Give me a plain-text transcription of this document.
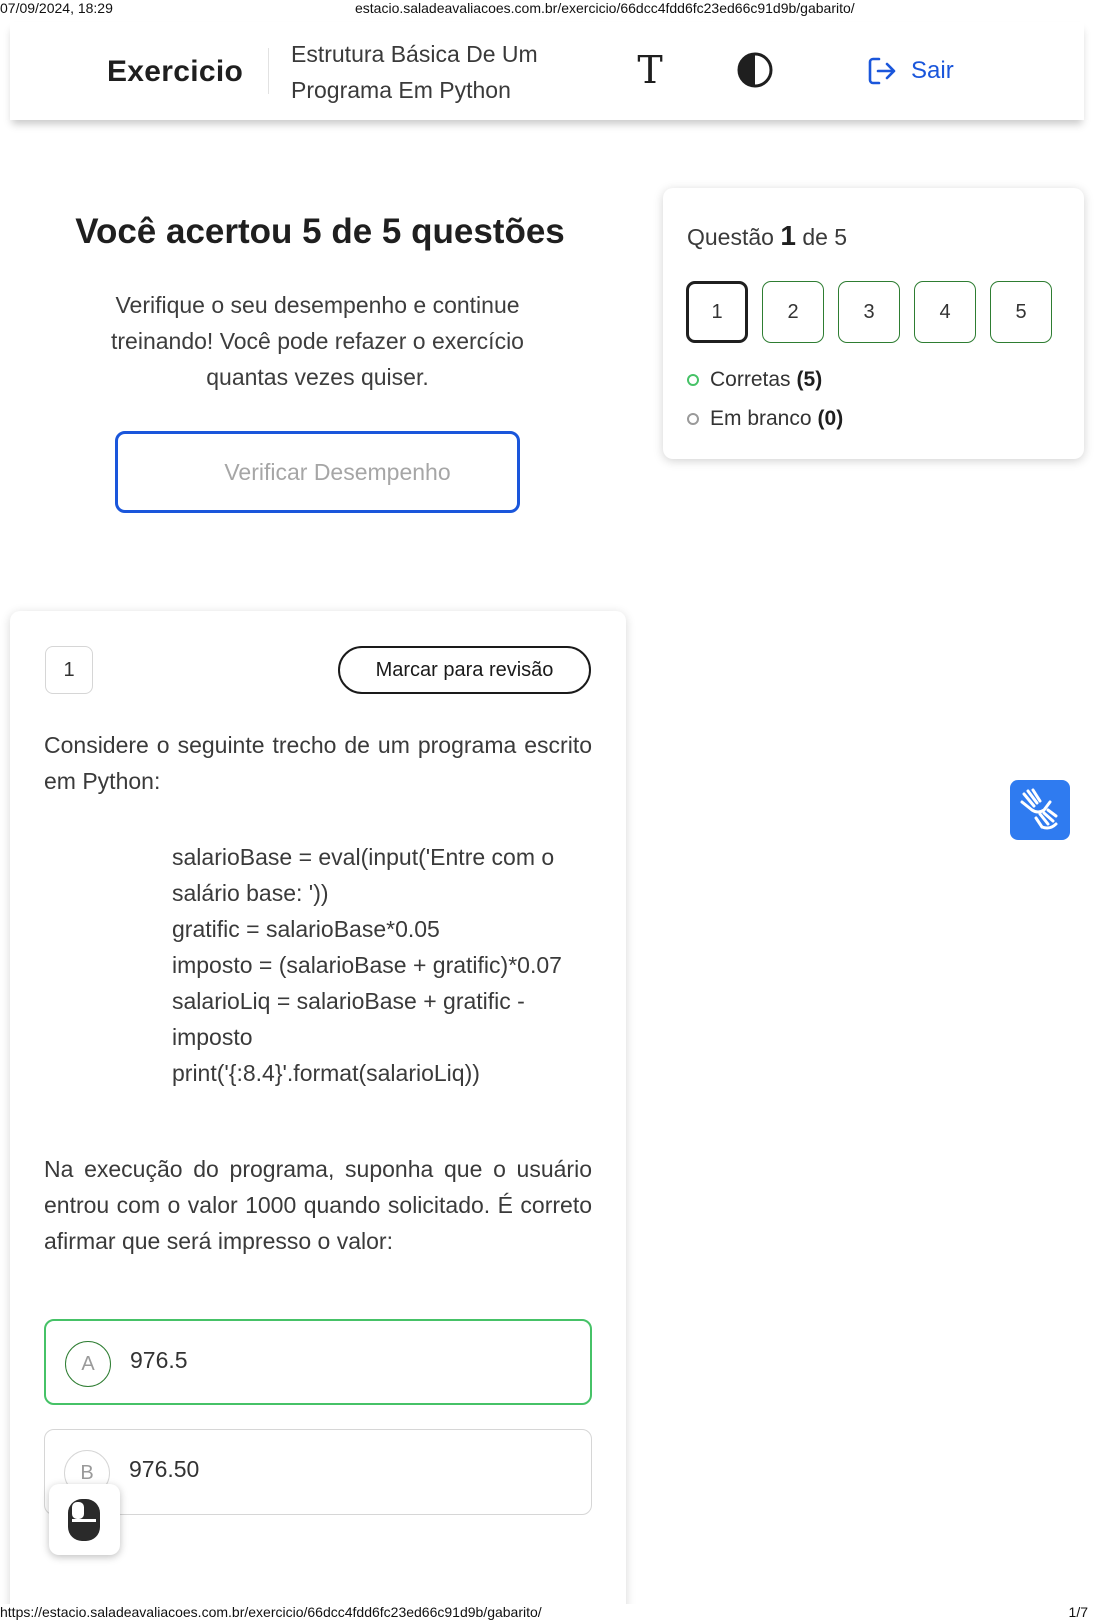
07/09/2024, 18:29	estacio.saladeavaliacoes.com.br/exercicio/66dcc4fdd6fc23ed66c91d9b/gabarito/
Exercicio
Estrutura Básica De Um Programa Em Python	T	Sair
Você acertou 5 de 5 questões
Verifique o seu desempenho e continue treinando! Você pode refazer o exercício quantas vezes quiser.
Verificar Desempenho
Questão 1 de 5
1	2	3	4	5
Corretas (5)
Em branco (0)
1	Marcar para revisão
Considere o seguinte trecho de um programa escrito em Python:
salarioBase = eval(input('Entre com o salário base: '))
gratific = salarioBase*0.05
imposto = (salarioBase + gratific)*0.07
salarioLiq = salarioBase + gratific - imposto
print('{:8.4}'.format(salarioLiq))
Na execução do programa, suponha que o usuário entrou com o valor 1000 quando solicitado. É correto afirmar que será impresso o valor:
A	976.5
B	976.50
https://estacio.saladeavaliacoes.com.br/exercicio/66dcc4fdd6fc23ed66c91d9b/gabarito/	1/7
